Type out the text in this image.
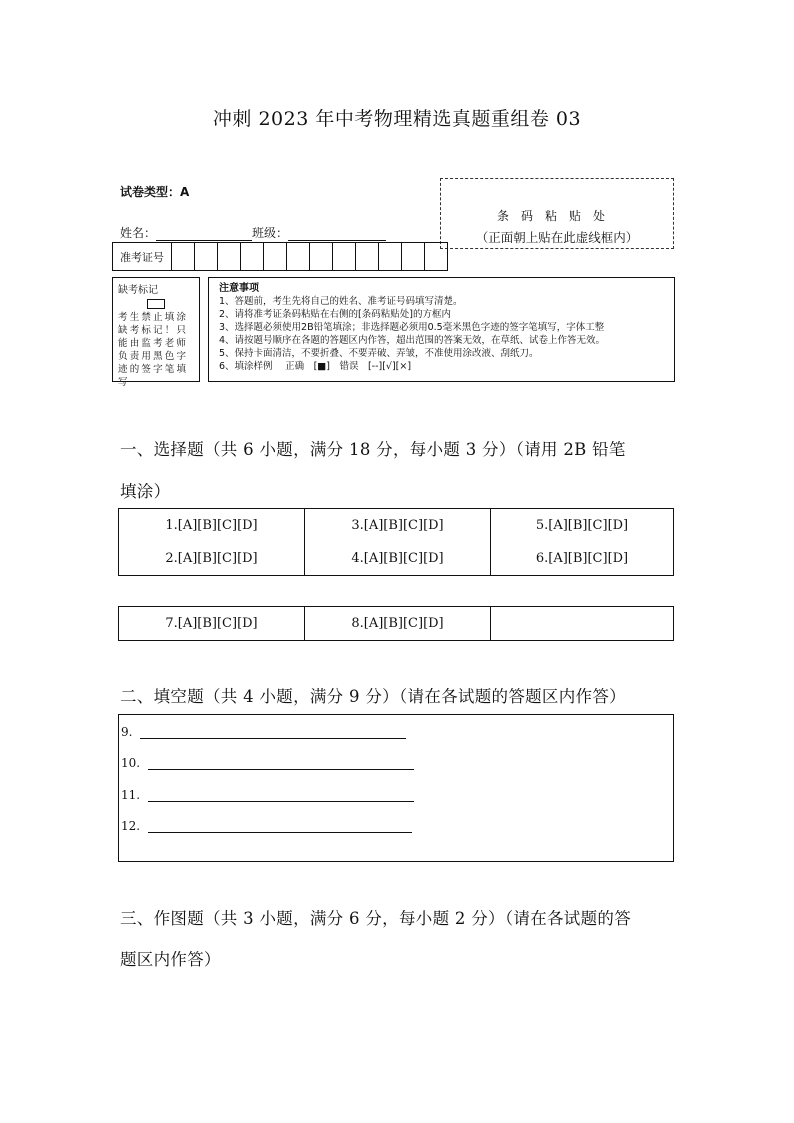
冲刺 2023 年中考物理精选真题重组卷 03
试卷类型：A
姓名：	班级：
条码粘贴处
（正面朝上贴在此虚线框内）
准考证号
缺考标记
考生禁止填涂缺考标记！只能由监考老师负责用黑色字迹的签字笔填写
注意事项
1、答题前，考生先将自己的姓名、准考证号码填写清楚。
2、请将准考证条码粘贴在右侧的[条码粘贴处]的方框内
3、选择题必须使用2B铅笔填涂；非选择题必须用0.5毫米黑色字迹的签字笔填写，字体工整
4、请按题号顺序在各题的答题区内作答，超出范围的答案无效，在草纸、试卷上作答无效。
5、保持卡面清洁，不要折叠、不要弄破、弄皱，不准使用涂改液、刮纸刀。
6、填涂样例　 正确　[■]　错误　[--][√][×]
一、选择题（共 6 小题，满分 18 分，每小题 3 分）（请用 2B 铅笔
填涂）
1.[A][B][C][D]	3.[A][B][C][D]	5.[A][B][C][D]
2.[A][B][C][D]	4.[A][B][C][D]	6.[A][B][C][D]
7.[A][B][C][D]	8.[A][B][C][D]	
二、填空题（共 4 小题，满分 9 分）（请在各试题的答题区内作答）
9.
10.
11.
12.
三、作图题（共 3 小题，满分 6 分，每小题 2 分）（请在各试题的答
题区内作答）
